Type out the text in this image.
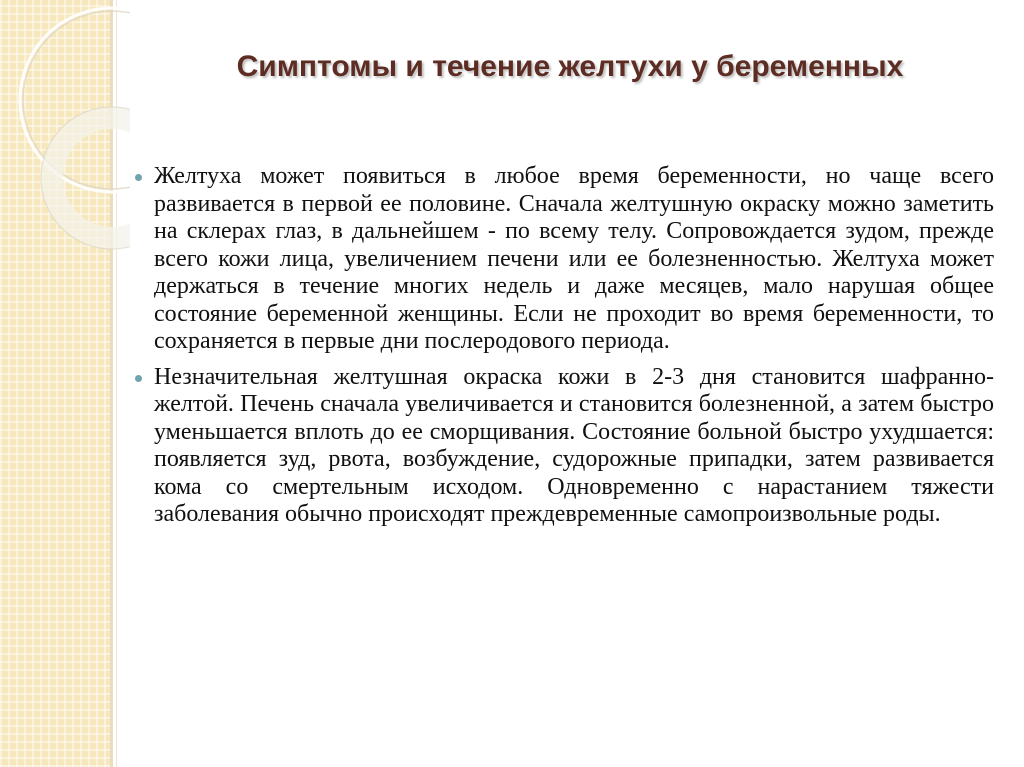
Симптомы и течение желтухи у беременных
Желтуха может появиться в любое время беременности, но чаще всего развивается в первой ее половине. Сначала желтушную окраску можно заметить на склерах глаз, в дальнейшем - по всему телу. Сопровождается зудом, прежде всего кожи лица, увеличением печени или ее болезненностью. Желтуха может держаться в течение многих недель и даже месяцев, мало нарушая общее состояние беременной женщины. Если не проходит во время беременности, то сохраняется в первые дни послеродового периода.
Незначительная желтушная окраска кожи в 2-3 дня становится шафранно-желтой. Печень сначала увеличивается и становится болезненной, а затем быстро уменьшается вплоть до ее сморщивания. Состояние больной быстро ухудшается: появляется зуд, рвота, возбуждение, судорожные припадки, затем развивается кома со смертельным исходом. Одновременно с нарастанием тяжести заболевания обычно происходят преждевременные самопроизвольные роды.
